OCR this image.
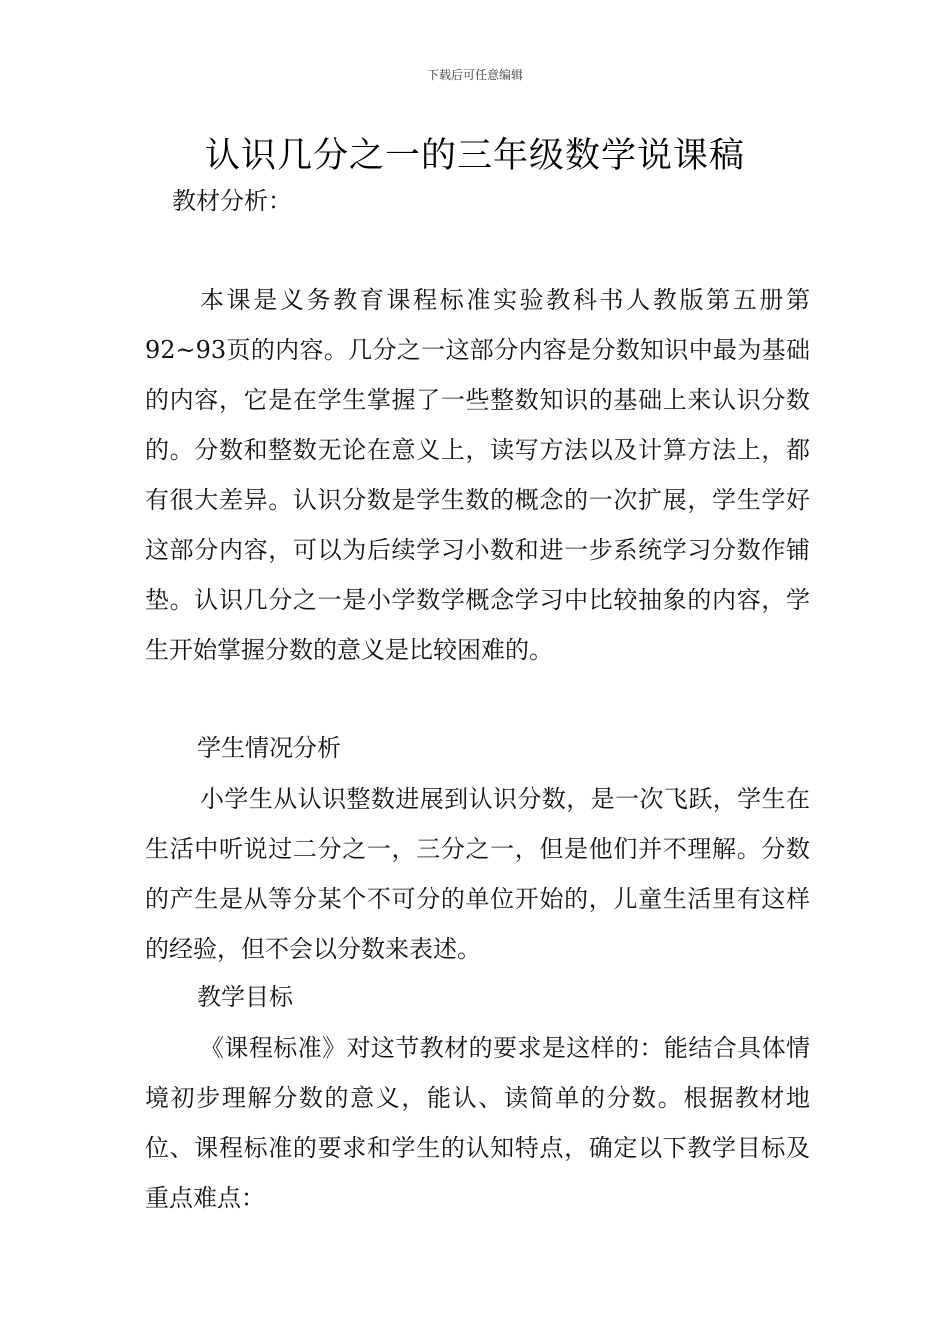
下载后可任意编辑
认识几分之一的三年级数学说课稿

教材分析：

本课是义务教育课程标准实验教科书人教版第五册第92~93页的内容。几分之一这部分内容是分数知识中最为基础的内容，它是在学生掌握了一些整数知识的基础上来认识分数的。分数和整数无论在意义上，读写方法以及计算方法上，都有很大差异。认识分数是学生数的概念的一次扩展，学生学好这部分内容，可以为后续学习小数和进一步系统学习分数作铺垫。认识几分之一是小学数学概念学习中比较抽象的内容，学生开始掌握分数的意义是比较困难的。

学生情况分析

小学生从认识整数进展到认识分数，是一次飞跃，学生在生活中听说过二分之一，三分之一，但是他们并不理解。分数的产生是从等分某个不可分的单位开始的，儿童生活里有这样的经验，但不会以分数来表述。

教学目标

《课程标准》对这节教材的要求是这样的：能结合具体情境初步理解分数的意义，能认、读简单的分数。根据教材地位、课程标准的要求和学生的认知特点，确定以下教学目标及重点难点：
